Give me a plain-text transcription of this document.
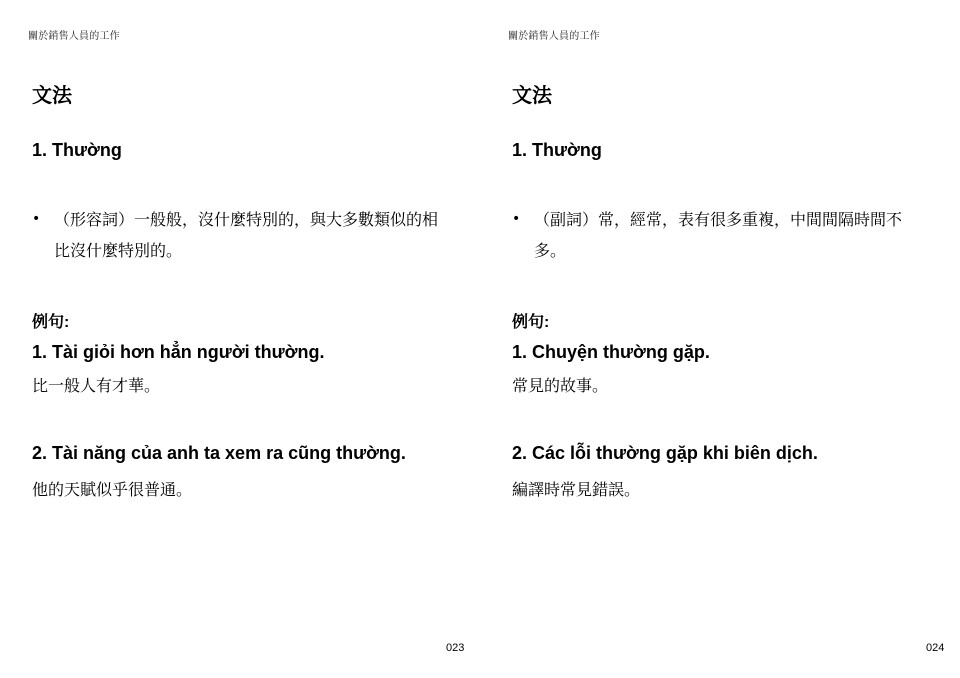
關於銷售人員的工作
文法
1. Thường
• （形容詞）一般般，沒什麼特別的，與大多數類似的相比沒什麼特別的。
例句:
1. Tài giỏi hơn hẳn người thường.
比一般人有才華。
2. Tài năng của anh ta xem ra cũng thường.
他的天賦似乎很普通。
023
關於銷售人員的工作
文法
1. Thường
• （副詞）常，經常，表有很多重複，中間間隔時間不多。
例句:
1. Chuyện thường gặp.
常見的故事。
2. Các lỗi thường gặp khi biên dịch.
編譯時常見錯誤。
024
